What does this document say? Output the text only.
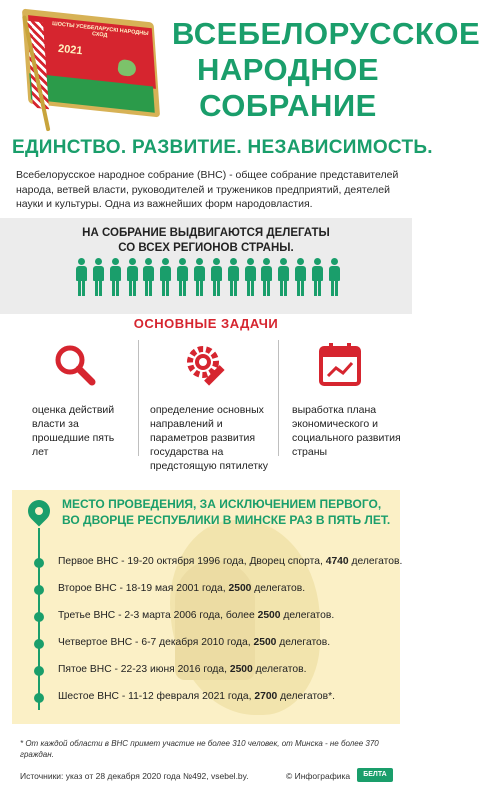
ШОСТЫ УСЕБЕЛАРУСКІ НАРОДНЫ СХОД
2021	ВСЕБЕЛОРУССКОЕ
НАРОДНОЕ
СОБРАНИЕ
ЕДИНСТВО. РАЗВИТИЕ. НЕЗАВИСИМОСТЬ.
Всебелорусское народное собрание (ВНС) - общее собрание представителей народа, ветвей власти, руководителей и тружеников предприятий, деятелей науки и культуры. Одна из важнейших форм народовластия.
НА СОБРАНИЕ ВЫДВИГАЮТСЯ ДЕЛЕГАТЫ
СО ВСЕХ РЕГИОНОВ СТРАНЫ.
ОСНОВНЫЕ ЗАДАЧИ
оценка действий власти за прошедшие пять лет
определение основных направлений и параметров развития государства на предстоящую пятилетку
выработка плана экономического и социального развития страны
МЕСТО ПРОВЕДЕНИЯ, ЗА ИСКЛЮЧЕНИЕМ ПЕРВОГО,
ВО ДВОРЦЕ РЕСПУБЛИКИ В МИНСКЕ РАЗ В ПЯТЬ ЛЕТ.
Первое ВНС - 19-20 октября 1996 года, Дворец спорта, 4740 делегатов.
Второе ВНС - 18-19 мая 2001 года, 2500 делегатов.
Третье ВНС - 2-3 марта 2006 года, более 2500 делегатов.
Четвертое ВНС - 6-7 декабря 2010 года, 2500 делегатов.
Пятое ВНС - 22-23 июня 2016 года, 2500 делегатов.
Шестое ВНС - 11-12 февраля 2021 года, 2700 делегатов*.
* От каждой области в ВНС примет участие не более 310 человек, от Минска - не более 370 граждан.
Источники: указ от 28 декабря 2020 года №492, vsebel.by.	© Инфографика	БЕЛТА
